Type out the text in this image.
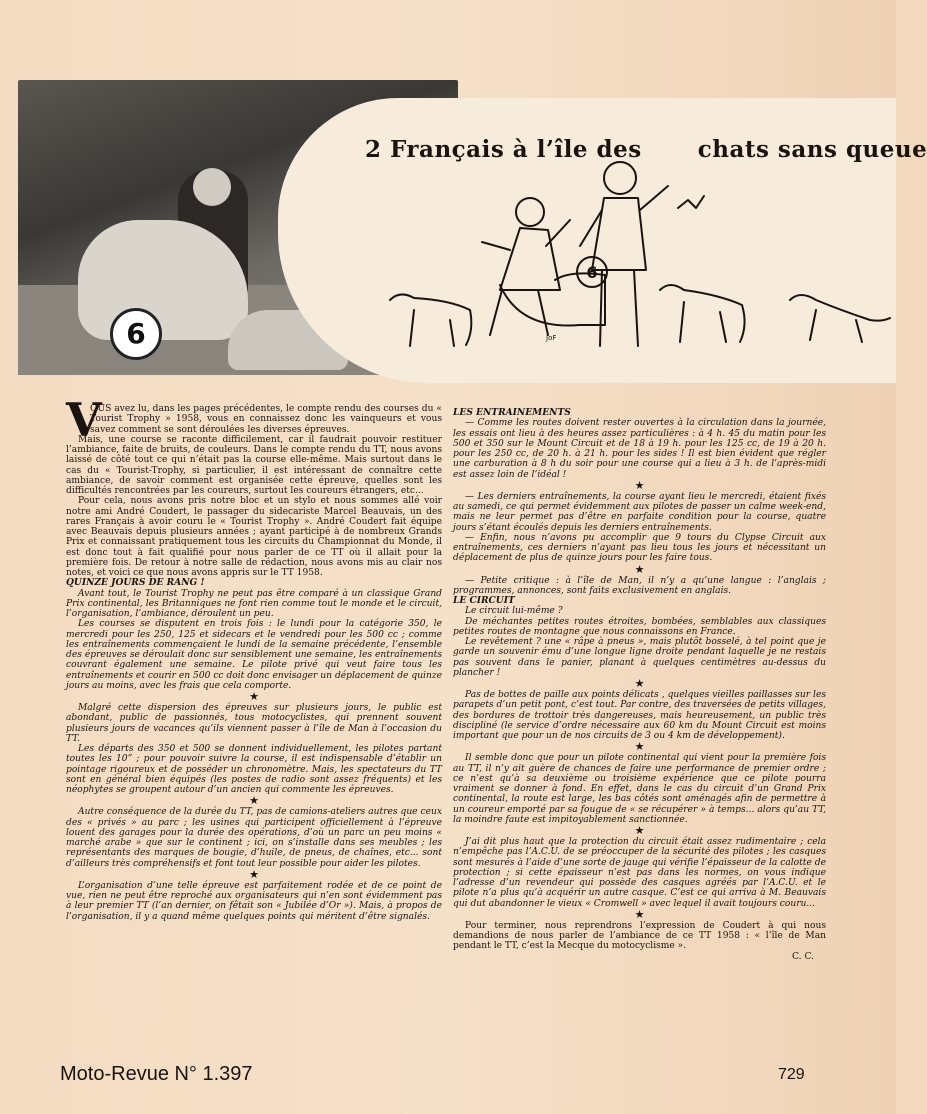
6
2 Français à l’île des chats sans queue
6
JoF
V

OUS avez lu, dans les pages précédentes, le compte rendu des courses du « Tourist Trophy » 1958, vous en connaissez donc les vainqueurs et vous savez comment se sont déroulées les diverses épreuves.

Mais, une course se raconte difficilement, car il faudrait pouvoir restituer l’ambiance, faite de bruits, de couleurs. Dans le compte rendu du TT, nous avons laissé de côté tout ce qui n’était pas la course elle-même. Mais surtout dans le cas du « Tourist-Trophy, si particulier, il est intéressant de connaître cette ambiance, de savoir comment est organisée cette épreuve, quelles sont les difficultés rencontrées par les coureurs, surtout les coureurs étrangers, etc...

Pour cela, nous avons pris notre bloc et un stylo et nous sommes allé voir notre ami André Coudert, le passager du sidecariste Marcel Beauvais, un des rares Français à avoir couru le « Tourist Trophy ». André Coudert fait équipe avec Beauvais depuis plusieurs années ; ayant participé à de nombreux Grands Prix et connaissant pratiquement tous les circuits du Championnat du Monde, il est donc tout à fait qualifié pour nous parler de ce TT où il allait pour la première fois. De retour à notre salle de rédaction, nous avons mis au clair nos notes, et voici ce que nous avons appris sur le TT 1958.

QUINZE JOURS DE RANG !

Avant tout, le Tourist Trophy ne peut pas être comparé à un classique Grand Prix continental, les Britanniques ne font rien comme tout le monde et le circuit, l’organisation, l’ambiance, déroulent un peu.

Les courses se disputent en trois fois : le lundi pour la catégorie 350, le mercredi pour les 250, 125 et sidecars et le vendredi pour les 500 cc ; comme les entraînements commençaient le lundi de la semaine précédente, l’ensemble des épreuves se déroulait donc sur sensiblement une semaine, les entraînements couvrant également une semaine. Le pilote privé qui veut faire tous les entraînements et courir en 500 cc doit donc envisager un déplacement de quinze jours au moins, avec les frais que cela comporte.

★

Malgré cette dispersion des épreuves sur plusieurs jours, le public est abondant, public de passionnés, tous motocyclistes, qui prennent souvent plusieurs jours de vacances qu’ils viennent passer à l’île de Man à l’occasion du TT.

Les départs des 350 et 500 se donnent individuellement, les pilotes partant toutes les 10” ; pour pouvoir suivre la course, il est indispensable d’établir un pointage rigoureux et de posséder un chronomètre. Mais, les spectateurs du TT sont en général bien équipés (les postes de radio sont assez fréquents) et les néophytes se groupent autour d’un ancien qui commente les épreuves.

★

Autre conséquence de la durée du TT, pas de camions-ateliers autres que ceux des « privés » au parc ; les usines qui participent officiellement à l’épreuve louent des garages pour la durée des opérations, d’où un parc un peu moins « marché arabe » que sur le continent ; ici, on s’installe dans ses meubles ; les représentants des marques de bougie, d’huile, de pneus, de chaînes, etc... sont d’ailleurs très compréhensifs et font tout leur possible pour aider les pilotes.

★

L’organisation d’une telle épreuve est parfaitement rodée et de ce point de vue, rien ne peut être reproché aux organisateurs qui n’en sont évidemment pas à leur premier TT (l’an dernier, on fêtait son « Jubilée d’Or »). Mais, à propos de l’organisation, il y a quand même quelques points qui méritent d’être signalés.

LES ENTRAINEMENTS

— Comme les routes doivent rester ouvertes à la circulation dans la journée, les essais ont lieu à des heures assez particulières : à 4 h. 45 du matin pour les 500 et 350 sur le Mount Circuit et de 18 à 19 h. pour les 125 cc, de 19 à 20 h. pour les 250 cc, de 20 h. à 21 h. pour les sides ! Il est bien évident que régler une carburation à 8 h du soir pour une course qui a lieu à 3 h. de l’après-midi est assez loin de l’idéal !

★

— Les derniers entraînements, la course ayant lieu le mercredi, étaient fixés au samedi, ce qui permet évidemment aux pilotes de passer un calme week-end, mais ne leur permet pas d’être en parfaite condition pour la course, quatre jours s’étant écoulés depuis les derniers entraînements.

— Enfin, nous n’avons pu accomplir que 9 tours du Clypse Circuit aux entraînements, ces derniers n’ayant pas lieu tous les jours et nécessitant un déplacement de plus de quinze jours pour les faire tous.

★

— Petite critique : à l’île de Man, il n’y a qu’une langue : l’anglais ; programmes, annonces, sont faits exclusivement en anglais.

LE CIRCUIT

Le circuit lui-même ?

De méchantes petites routes étroites, bombées, semblables aux classiques petites routes de montagne que nous connaissons en France.

Le revêtement ? une « râpe à pneus », mais plutôt bosselé, à tel point que je garde un souvenir ému d’une longue ligne droite pendant laquelle je ne restais pas souvent dans le panier, planant à quelques centimètres au-dessus du plancher !

★

Pas de bottes de paille aux points délicats , quelques vieilles paillasses sur les parapets d’un petit pont, c’est tout. Par contre, des traversées de petits villages, des bordures de trottoir très dangereuses, mais heureusement, un public très discipliné (le service d’ordre nécessaire aux 60 km du Mount Circuit est moins important que pour un de nos circuits de 3 ou 4 km de développement).

★

Il semble donc que pour un pilote continental qui vient pour la première fois au TT, il n’y ait guère de chances de faire une performance de premier ordre ; ce n’est qu’à sa deuxième ou troisième expérience que ce pilote pourra vraiment se donner à fond. En effet, dans le cas du circuit d’un Grand Prix continental, la route est large, les bas côtés sont aménagés afin de permettre à un coureur emporté par sa fougue de « se récupérer » à temps... alors qu’au TT, la moindre faute est impitoyablement sanctionnée.

★

J’ai dit plus haut que la protection du circuit était assez rudimentaire ; cela n’empêche pas l’A.C.U. de se préoccuper de la sécurité des pilotes ; les casques sont mesurés à l’aide d’une sorte de jauge qui vérifie l’épaisseur de la calotte de protection ; si cette épaisseur n’est pas dans les normes, on vous indique l’adresse d’un revendeur qui possède des casques agréés par l’A.C.U. et le pilote n’a plus qu’à acquérir un autre casque. C’est ce qui arriva à M. Beauvais qui dut abandonner le vieux « Cromwell » avec lequel il avait toujours couru...

★

Pour terminer, nous reprendrons l’expression de Coudert à qui nous demandions de nous parler de l’ambiance de ce TT 1958 : « l’île de Man pendant le TT, c’est la Mecque du motocyclisme ».

C. C.

Moto-Revue N° 1.397	729
